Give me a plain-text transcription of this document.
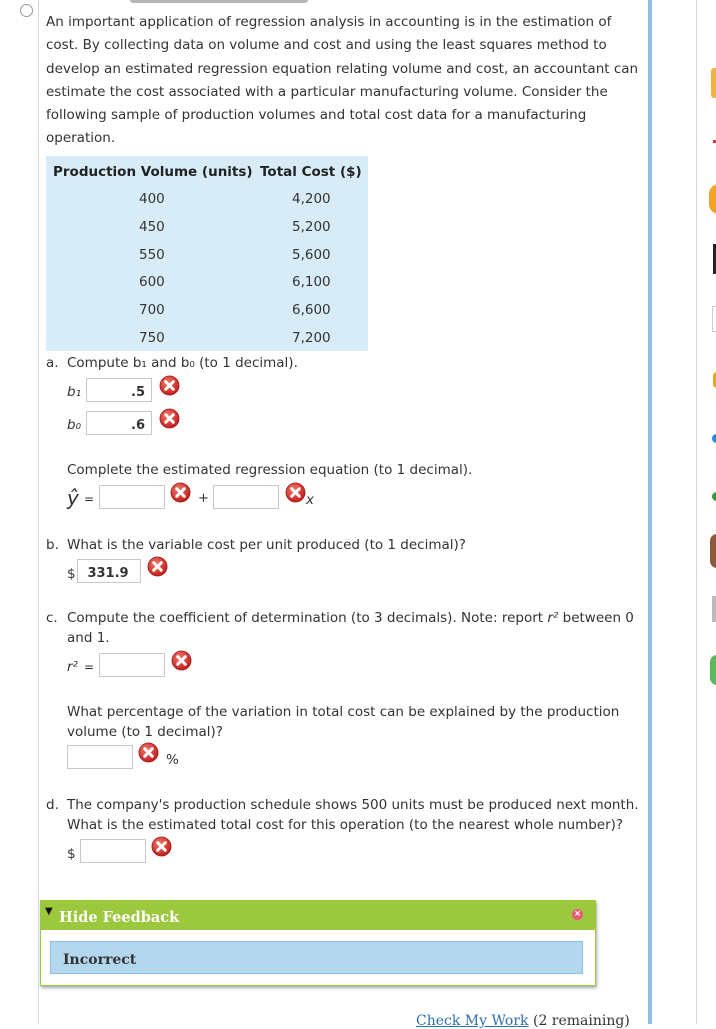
An important application of regression analysis in accounting is in the estimation of cost. By collecting data on volume and cost and using the least squares method to develop an estimated regression equation relating volume and cost, an accountant can estimate the cost associated with a particular manufacturing volume. Consider the following sample of production volumes and total cost data for a manufacturing operation.
Production Volume (units) Total Cost ($)
400	4,200
450	5,200
550	5,600
600	6,100
700	6,600
750	7,200
a. Compute b₁ and b₀ (to 1 decimal).
b₁
.5
b₀
.6
Complete the estimated regression equation (to 1 decimal).
ŷ =	+	x
b. What is the variable cost per unit produced (to 1 decimal)?
$
331.9
c. Compute the coefficient of determination (to 3 decimals). Note: report r² between 0
and 1.
r² =
What percentage of the variation in total cost can be explained by the production
volume (to 1 decimal)?
%
d. The company's production schedule shows 500 units must be produced next month.
What is the estimated total cost for this operation (to the nearest whole number)?
$
▼ Hide Feedback	×
Incorrect
Check My Work (2 remaining)
